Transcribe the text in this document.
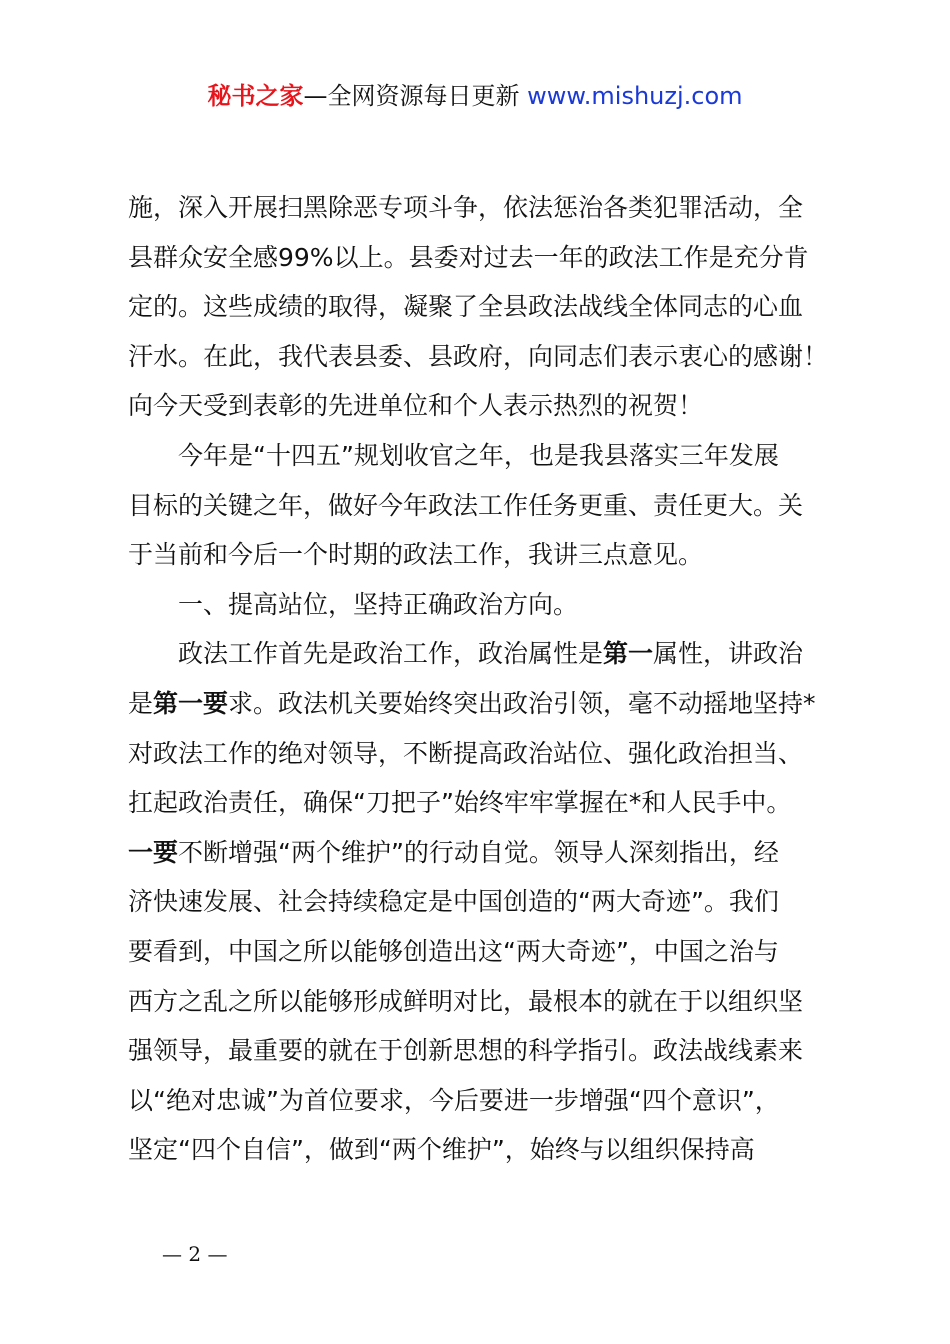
秘书之家—全网资源每日更新 www.mishuzj.com
施，深入开展扫黑除恶专项斗争，依法惩治各类犯罪活动，全
县群众安全感99%以上。县委对过去一年的政法工作是充分肯
定的。这些成绩的取得，凝聚了全县政法战线全体同志的心血
汗水。在此，我代表县委、县政府，向同志们表示衷心的感谢！
向今天受到表彰的先进单位和个人表示热烈的祝贺！
今年是“十四五”规划收官之年，也是我县落实三年发展
目标的关键之年，做好今年政法工作任务更重、责任更大。关
于当前和今后一个时期的政法工作，我讲三点意见。
一、提高站位，坚持正确政治方向。
政法工作首先是政治工作，政治属性是第一属性，讲政治
是第一要求。政法机关要始终突出政治引领，毫不动摇地坚持*
对政法工作的绝对领导，不断提高政治站位、强化政治担当、
扛起政治责任，确保“刀把子”始终牢牢掌握在*和人民手中。
一要不断增强“两个维护”的行动自觉。领导人深刻指出，经
济快速发展、社会持续稳定是中国创造的“两大奇迹”。我们
要看到，中国之所以能够创造出这“两大奇迹”，中国之治与
西方之乱之所以能够形成鲜明对比，最根本的就在于以组织坚
强领导，最重要的就在于创新思想的科学指引。政法战线素来
以“绝对忠诚”为首位要求，今后要进一步增强“四个意识”，
坚定“四个自信”，做到“两个维护”，始终与以组织保持高
— 2 —
